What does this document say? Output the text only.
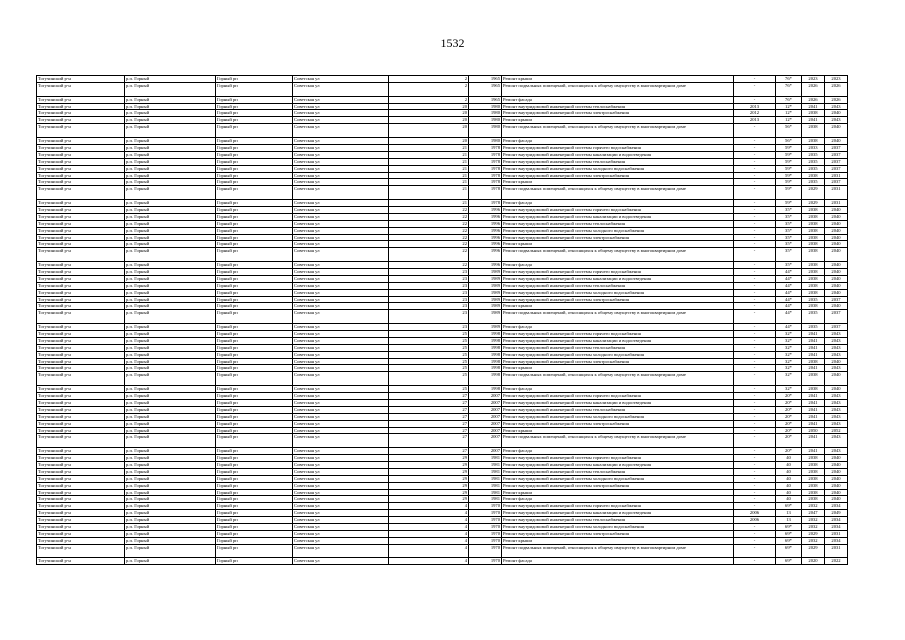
1532
Тогучинский р-н	р.п. Горный	Горный рп	Советская ул	2	1965	Ремонт крыши	-	76*	2023	2023
Тогучинский р-н	р.п. Горный	Горный рп	Советская ул	2	1965	Ремонт подвальных помещений, относящихся к общему имуществу в многоквартирном доме	-	76*	2026	2026
Тогучинский р-н	р.п. Горный	Горный рп	Советская ул	2	1965	Ремонт фасада	-	76*	2026	2026
Тогучинский р-н	р.п. Горный	Горный рп	Советская ул	20	1980	Ремонт внутридомовой инженерной системы теплоснабжения	2013	12*	2041	2043
Тогучинский р-н	р.п. Горный	Горный рп	Советская ул	20	1980	Ремонт внутридомовой инженерной системы электроснабжения	2012	12*	2038	2040
Тогучинский р-н	р.п. Горный	Горный рп	Советская ул	20	1980	Ремонт крыши	2013	12*	2041	2043
Тогучинский р-н	р.п. Горный	Горный рп	Советская ул	20	1980	Ремонт подвальных помещений, относящихся к общему имуществу в многоквартирном доме	-	56*	2038	2040
Тогучинский р-н	р.п. Горный	Горный рп	Советская ул	20	1980	Ремонт фасада	-	56*	2038	2040
Тогучинский р-н	р.п. Горный	Горный рп	Советская ул	21	1978	Ремонт внутридомовой инженерной системы горячего водоснабжения	-	59*	2033	2037
Тогучинский р-н	р.п. Горный	Горный рп	Советская ул	21	1978	Ремонт внутридомовой инженерной системы канализации и водоотведения	-	59*	2035	2037
Тогучинский р-н	р.п. Горный	Горный рп	Советская ул	21	1978	Ремонт внутридомовой инженерной системы теплоснабжения	-	59*	2035	2037
Тогучинский р-н	р.п. Горный	Горный рп	Советская ул	21	1978	Ремонт внутридомовой инженерной системы холодного водоснабжения	-	59*	2035	2037
Тогучинский р-н	р.п. Горный	Горный рп	Советская ул	21	1978	Ремонт внутридомовой инженерной системы электроснабжения	-	59*	2038	2031
Тогучинский р-н	р.п. Горный	Горный рп	Советская ул	21	1978	Ремонт крыши	-	59*	2035	2037
Тогучинский р-н	р.п. Горный	Горный рп	Советская ул	21	1978	Ремонт подвальных помещений, относящихся к общему имуществу в многоквартирном доме	-	59*	2029	2031
Тогучинский р-н	р.п. Горный	Горный рп	Советская ул	21	1978	Ремонт фасада	-	59*	2029	2031
Тогучинский р-н	р.п. Горный	Горный рп	Советская ул	22	1996	Ремонт внутридомовой инженерной системы горячего водоснабжения	-	35*	2038	2040
Тогучинский р-н	р.п. Горный	Горный рп	Советская ул	22	1996	Ремонт внутридомовой инженерной системы канализации и водоотведения	-	35*	2038	2040
Тогучинский р-н	р.п. Горный	Горный рп	Советская ул	22	1996	Ремонт внутридомовой инженерной системы теплоснабжения	-	35*	2038	2040
Тогучинский р-н	р.п. Горный	Горный рп	Советская ул	22	1996	Ремонт внутридомовой инженерной системы холодного водоснабжения	-	35*	2038	2040
Тогучинский р-н	р.п. Горный	Горный рп	Советская ул	22	1996	Ремонт внутридомовой инженерной системы электроснабжения	-	35*	2038	2040
Тогучинский р-н	р.п. Горный	Горный рп	Советская ул	22	1996	Ремонт крыши	-	35*	2038	2040
Тогучинский р-н	р.п. Горный	Горный рп	Советская ул	22	1996	Ремонт подвальных помещений, относящихся к общему имуществу в многоквартирном доме	-	35*	2038	2040
Тогучинский р-н	р.п. Горный	Горный рп	Советская ул	22	1996	Ремонт фасада	-	35*	2038	2040
Тогучинский р-н	р.п. Горный	Горный рп	Советская ул	23	1989	Ремонт внутридомовой инженерной системы горячего водоснабжения	-	44*	2038	2040
Тогучинский р-н	р.п. Горный	Горный рп	Советская ул	23	1989	Ремонт внутридомовой инженерной системы канализации и водоотведения	-	44*	2038	2040
Тогучинский р-н	р.п. Горный	Горный рп	Советская ул	23	1989	Ремонт внутридомовой инженерной системы теплоснабжения	-	44*	2038	2040
Тогучинский р-н	р.п. Горный	Горный рп	Советская ул	23	1989	Ремонт внутридомовой инженерной системы холодного водоснабжения	-	44*	2038	2040
Тогучинский р-н	р.п. Горный	Горный рп	Советская ул	23	1989	Ремонт внутридомовой инженерной системы электроснабжения	-	44*	2035	2037
Тогучинский р-н	р.п. Горный	Горный рп	Советская ул	23	1989	Ремонт крыши	-	44*	2038	2040
Тогучинский р-н	р.п. Горный	Горный рп	Советская ул	23	1989	Ремонт подвальных помещений, относящихся к общему имуществу в многоквартирном доме	-	44*	2035	2037
Тогучинский р-н	р.п. Горный	Горный рп	Советская ул	23	1989	Ремонт фасада	-	44*	2035	2037
Тогучинский р-н	р.п. Горный	Горный рп	Советская ул	25	1998	Ремонт внутридомовой инженерной системы горячего водоснабжения	-	32*	2041	2043
Тогучинский р-н	р.п. Горный	Горный рп	Советская ул	25	1998	Ремонт внутридомовой инженерной системы канализации и водоотведения	-	32*	2041	2043
Тогучинский р-н	р.п. Горный	Горный рп	Советская ул	25	1998	Ремонт внутридомовой инженерной системы теплоснабжения	-	32*	2041	2043
Тогучинский р-н	р.п. Горный	Горный рп	Советская ул	25	1998	Ремонт внутридомовой инженерной системы холодного водоснабжения	-	32*	2041	2043
Тогучинский р-н	р.п. Горный	Горный рп	Советская ул	25	1998	Ремонт внутридомовой инженерной системы электроснабжения	-	32*	2038	2040
Тогучинский р-н	р.п. Горный	Горный рп	Советская ул	25	1998	Ремонт крыши	-	32*	2041	2043
Тогучинский р-н	р.п. Горный	Горный рп	Советская ул	25	1998	Ремонт подвальных помещений, относящихся к общему имуществу в многоквартирном доме	-	32*	2038	2040
Тогучинский р-н	р.п. Горный	Горный рп	Советская ул	25	1998	Ремонт фасада	-	32*	2038	2040
Тогучинский р-н	р.п. Горный	Горный рп	Советская ул	27	2007	Ремонт внутридомовой инженерной системы горячего водоснабжения	-	20*	2041	2043
Тогучинский р-н	р.п. Горный	Горный рп	Советская ул	27	2007	Ремонт внутридомовой инженерной системы канализации и водоотведения	-	20*	2041	2043
Тогучинский р-н	р.п. Горный	Горный рп	Советская ул	27	2007	Ремонт внутридомовой инженерной системы теплоснабжения	-	20*	2041	2043
Тогучинский р-н	р.п. Горный	Горный рп	Советская ул	27	2007	Ремонт внутридомовой инженерной системы холодного водоснабжения	-	20*	2041	2043
Тогучинский р-н	р.п. Горный	Горный рп	Советская ул	27	2007	Ремонт внутридомовой инженерной системы электроснабжения	-	20*	2041	2043
Тогучинский р-н	р.п. Горный	Горный рп	Советская ул	27	2007	Ремонт крыши	-	20*	2050	2052
Тогучинский р-н	р.п. Горный	Горный рп	Советская ул	27	2007	Ремонт подвальных помещений, относящихся к общему имуществу в многоквартирном доме	-	20*	2041	2043
Тогучинский р-н	р.п. Горный	Горный рп	Советская ул	27	2007	Ремонт фасада	-	20*	2041	2043
Тогучинский р-н	р.п. Горный	Горный рп	Советская ул	29	1981	Ремонт внутридомовой инженерной системы горячего водоснабжения	-	40	2038	2040
Тогучинский р-н	р.п. Горный	Горный рп	Советская ул	29	1981	Ремонт внутридомовой инженерной системы канализации и водоотведения	-	40	2038	2040
Тогучинский р-н	р.п. Горный	Горный рп	Советская ул	29	1981	Ремонт внутридомовой инженерной системы теплоснабжения	-	40	2038	2040
Тогучинский р-н	р.п. Горный	Горный рп	Советская ул	29	1981	Ремонт внутридомовой инженерной системы холодного водоснабжения	-	40	2038	2040
Тогучинский р-н	р.п. Горный	Горный рп	Советская ул	29	1981	Ремонт внутридомовой инженерной системы электроснабжения	-	40	2038	2040
Тогучинский р-н	р.п. Горный	Горный рп	Советская ул	29	1981	Ремонт крыши	-	40	2038	2040
Тогучинский р-н	р.п. Горный	Горный рп	Советская ул	29	1981	Ремонт фасада	-	40	2038	2040
Тогучинский р-н	р.п. Горный	Горный рп	Советская ул	4	1970	Ремонт внутридомовой инженерной системы горячего водоснабжения	-	69*	2032	2034
Тогучинский р-н	р.п. Горный	Горный рп	Советская ул	4	1970	Ремонт внутридомовой инженерной системы канализации и водоотведения	2006	13	2047	2049
Тогучинский р-н	р.п. Горный	Горный рп	Советская ул	4	1970	Ремонт внутридомовой инженерной системы теплоснабжения	2006	13	2032	2034
Тогучинский р-н	р.п. Горный	Горный рп	Советская ул	4	1970	Ремонт внутридомовой инженерной системы холодного водоснабжения	-	69*	2032	2034
Тогучинский р-н	р.п. Горный	Горный рп	Советская ул	4	1970	Ремонт внутридомовой инженерной системы электроснабжения	-	69*	2029	2031
Тогучинский р-н	р.п. Горный	Горный рп	Советская ул	4	1970	Ремонт крыши	-	69*	2032	2034
Тогучинский р-н	р.п. Горный	Горный рп	Советская ул	4	1970	Ремонт подвальных помещений, относящихся к общему имуществу в многоквартирном доме	-	69*	2029	2031
Тогучинский р-н	р.п. Горный	Горный рп	Советская ул	4	1970	Ремонт фасада	-	69*	2020	2022
